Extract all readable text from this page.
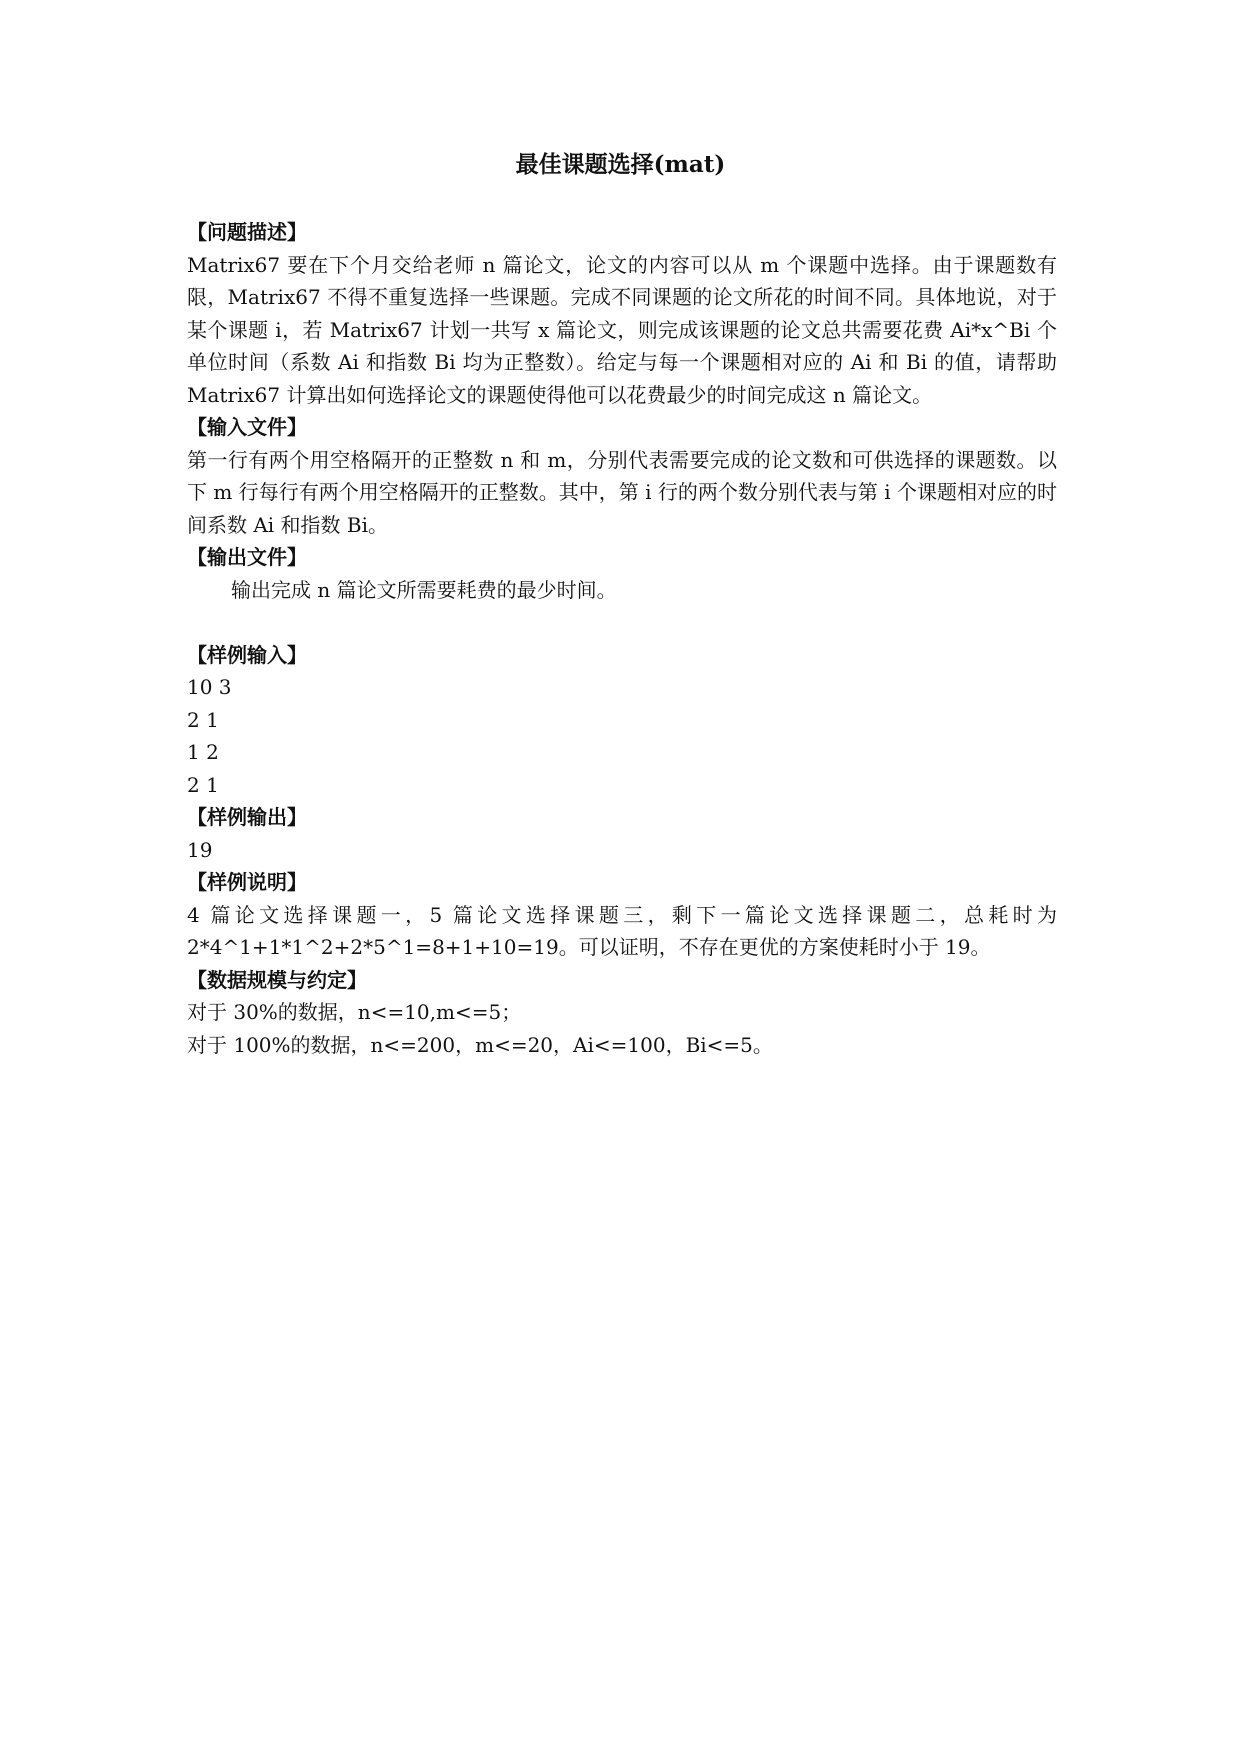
最佳课题选择(mat)
【问题描述】
Matrix67 要在下个月交给老师 n 篇论文，论文的内容可以从 m 个课题中选择。由于课题数有限，Matrix67 不得不重复选择一些课题。完成不同课题的论文所花的时间不同。具体地说，对于某个课题 i，若 Matrix67 计划一共写 x 篇论文，则完成该课题的论文总共需要花费 Ai*x^Bi 个单位时间（系数 Ai 和指数 Bi 均为正整数）。给定与每一个课题相对应的 Ai 和 Bi 的值，请帮助 Matrix67 计算出如何选择论文的课题使得他可以花费最少的时间完成这 n 篇论文。
【输入文件】
第一行有两个用空格隔开的正整数 n 和 m，分别代表需要完成的论文数和可供选择的课题数。以下 m 行每行有两个用空格隔开的正整数。其中，第 i 行的两个数分别代表与第 i 个课题相对应的时间系数 Ai 和指数 Bi。
【输出文件】
输出完成 n 篇论文所需要耗费的最少时间。
【样例输入】
10 3
2 1
1 2
2 1
【样例输出】
19
【样例说明】
4 篇论文选择课题一，5 篇论文选择课题三，剩下一篇论文选择课题二，总耗时为 2*4^1+1*1^2+2*5^1=8+1+10=19。可以证明，不存在更优的方案使耗时小于 19。
【数据规模与约定】
对于 30%的数据，n<=10,m<=5；
对于 100%的数据，n<=200，m<=20，Ai<=100，Bi<=5。
